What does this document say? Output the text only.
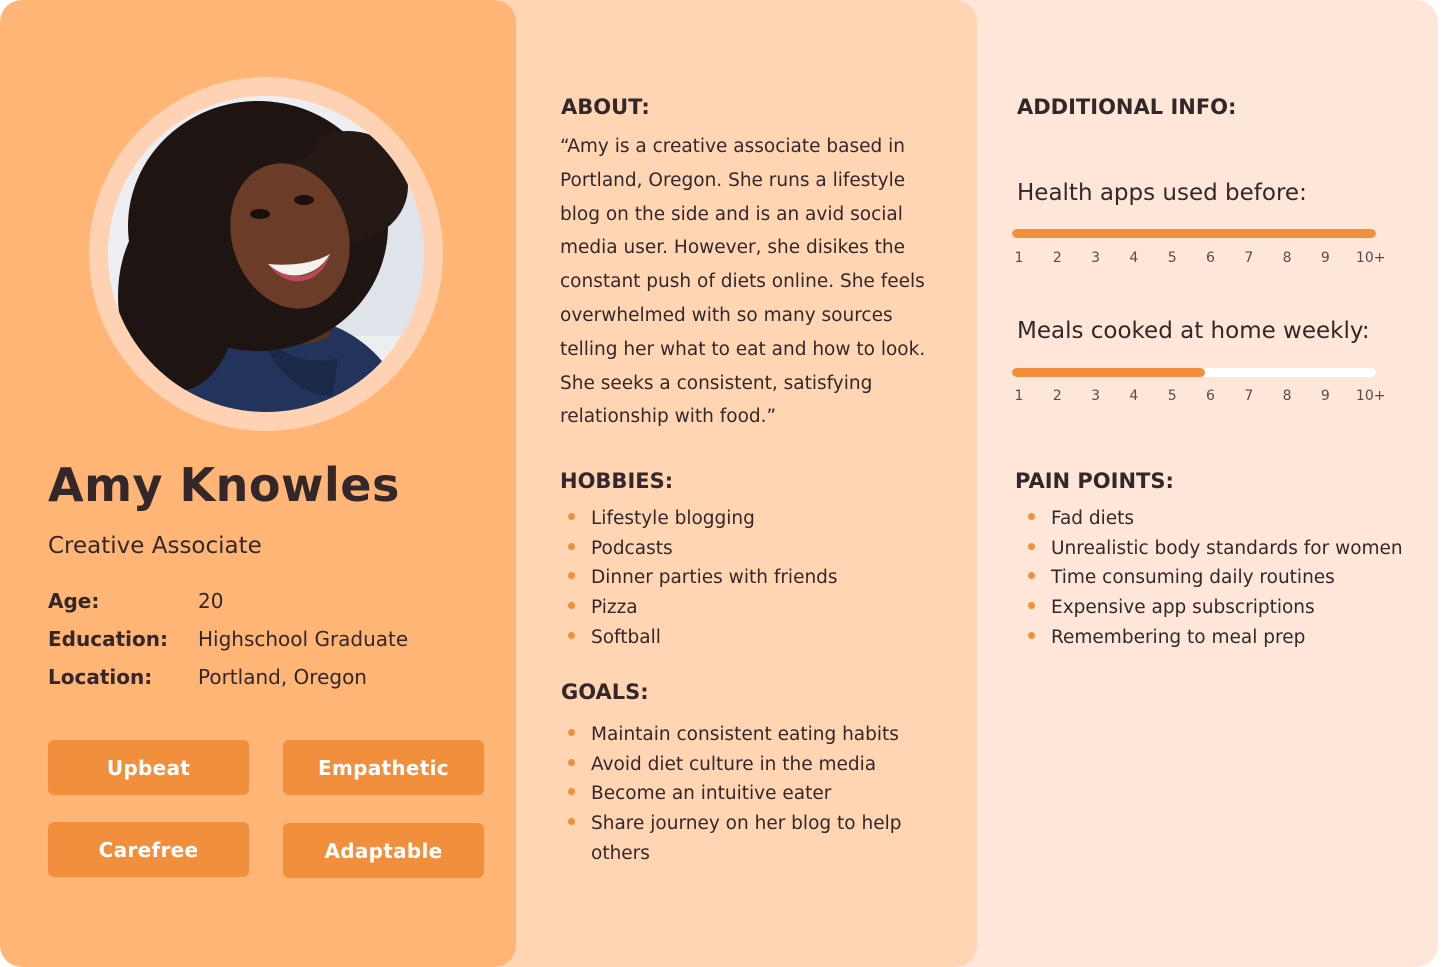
Amy Knowles
Creative Associate
Age:	20
Education: Highschool Graduate
Location: Portland, Oregon
Upbeat	Empathetic
Carefree	Adaptable
ABOUT:

“Amy is a creative associate based in Portland, Oregon. She runs a lifestyle blog on the side and is an avid social media user. However, she disikes the constant push of diets online. She feels overwhelmed with so many sources telling her what to eat and how to look. She seeks a consistent, satisfying relationship with food.”

HOBBIES:
Lifestyle blogging
Podcasts
Dinner parties with friends
Pizza
Softball
GOALS:
Maintain consistent eating habits
Avoid diet culture in the media
Become an intuitive eater
Share journey on her blog to help others
ADDITIONAL INFO:
Health apps used before:
1 2 3 4 5 6 7 8 9 10+
Meals cooked at home weekly:
1 2 3 4 5 6 7 8 9 10+
PAIN POINTS:
Fad diets
Unrealistic body standards for women
Time consuming daily routines
Expensive app subscriptions
Remembering to meal prep
